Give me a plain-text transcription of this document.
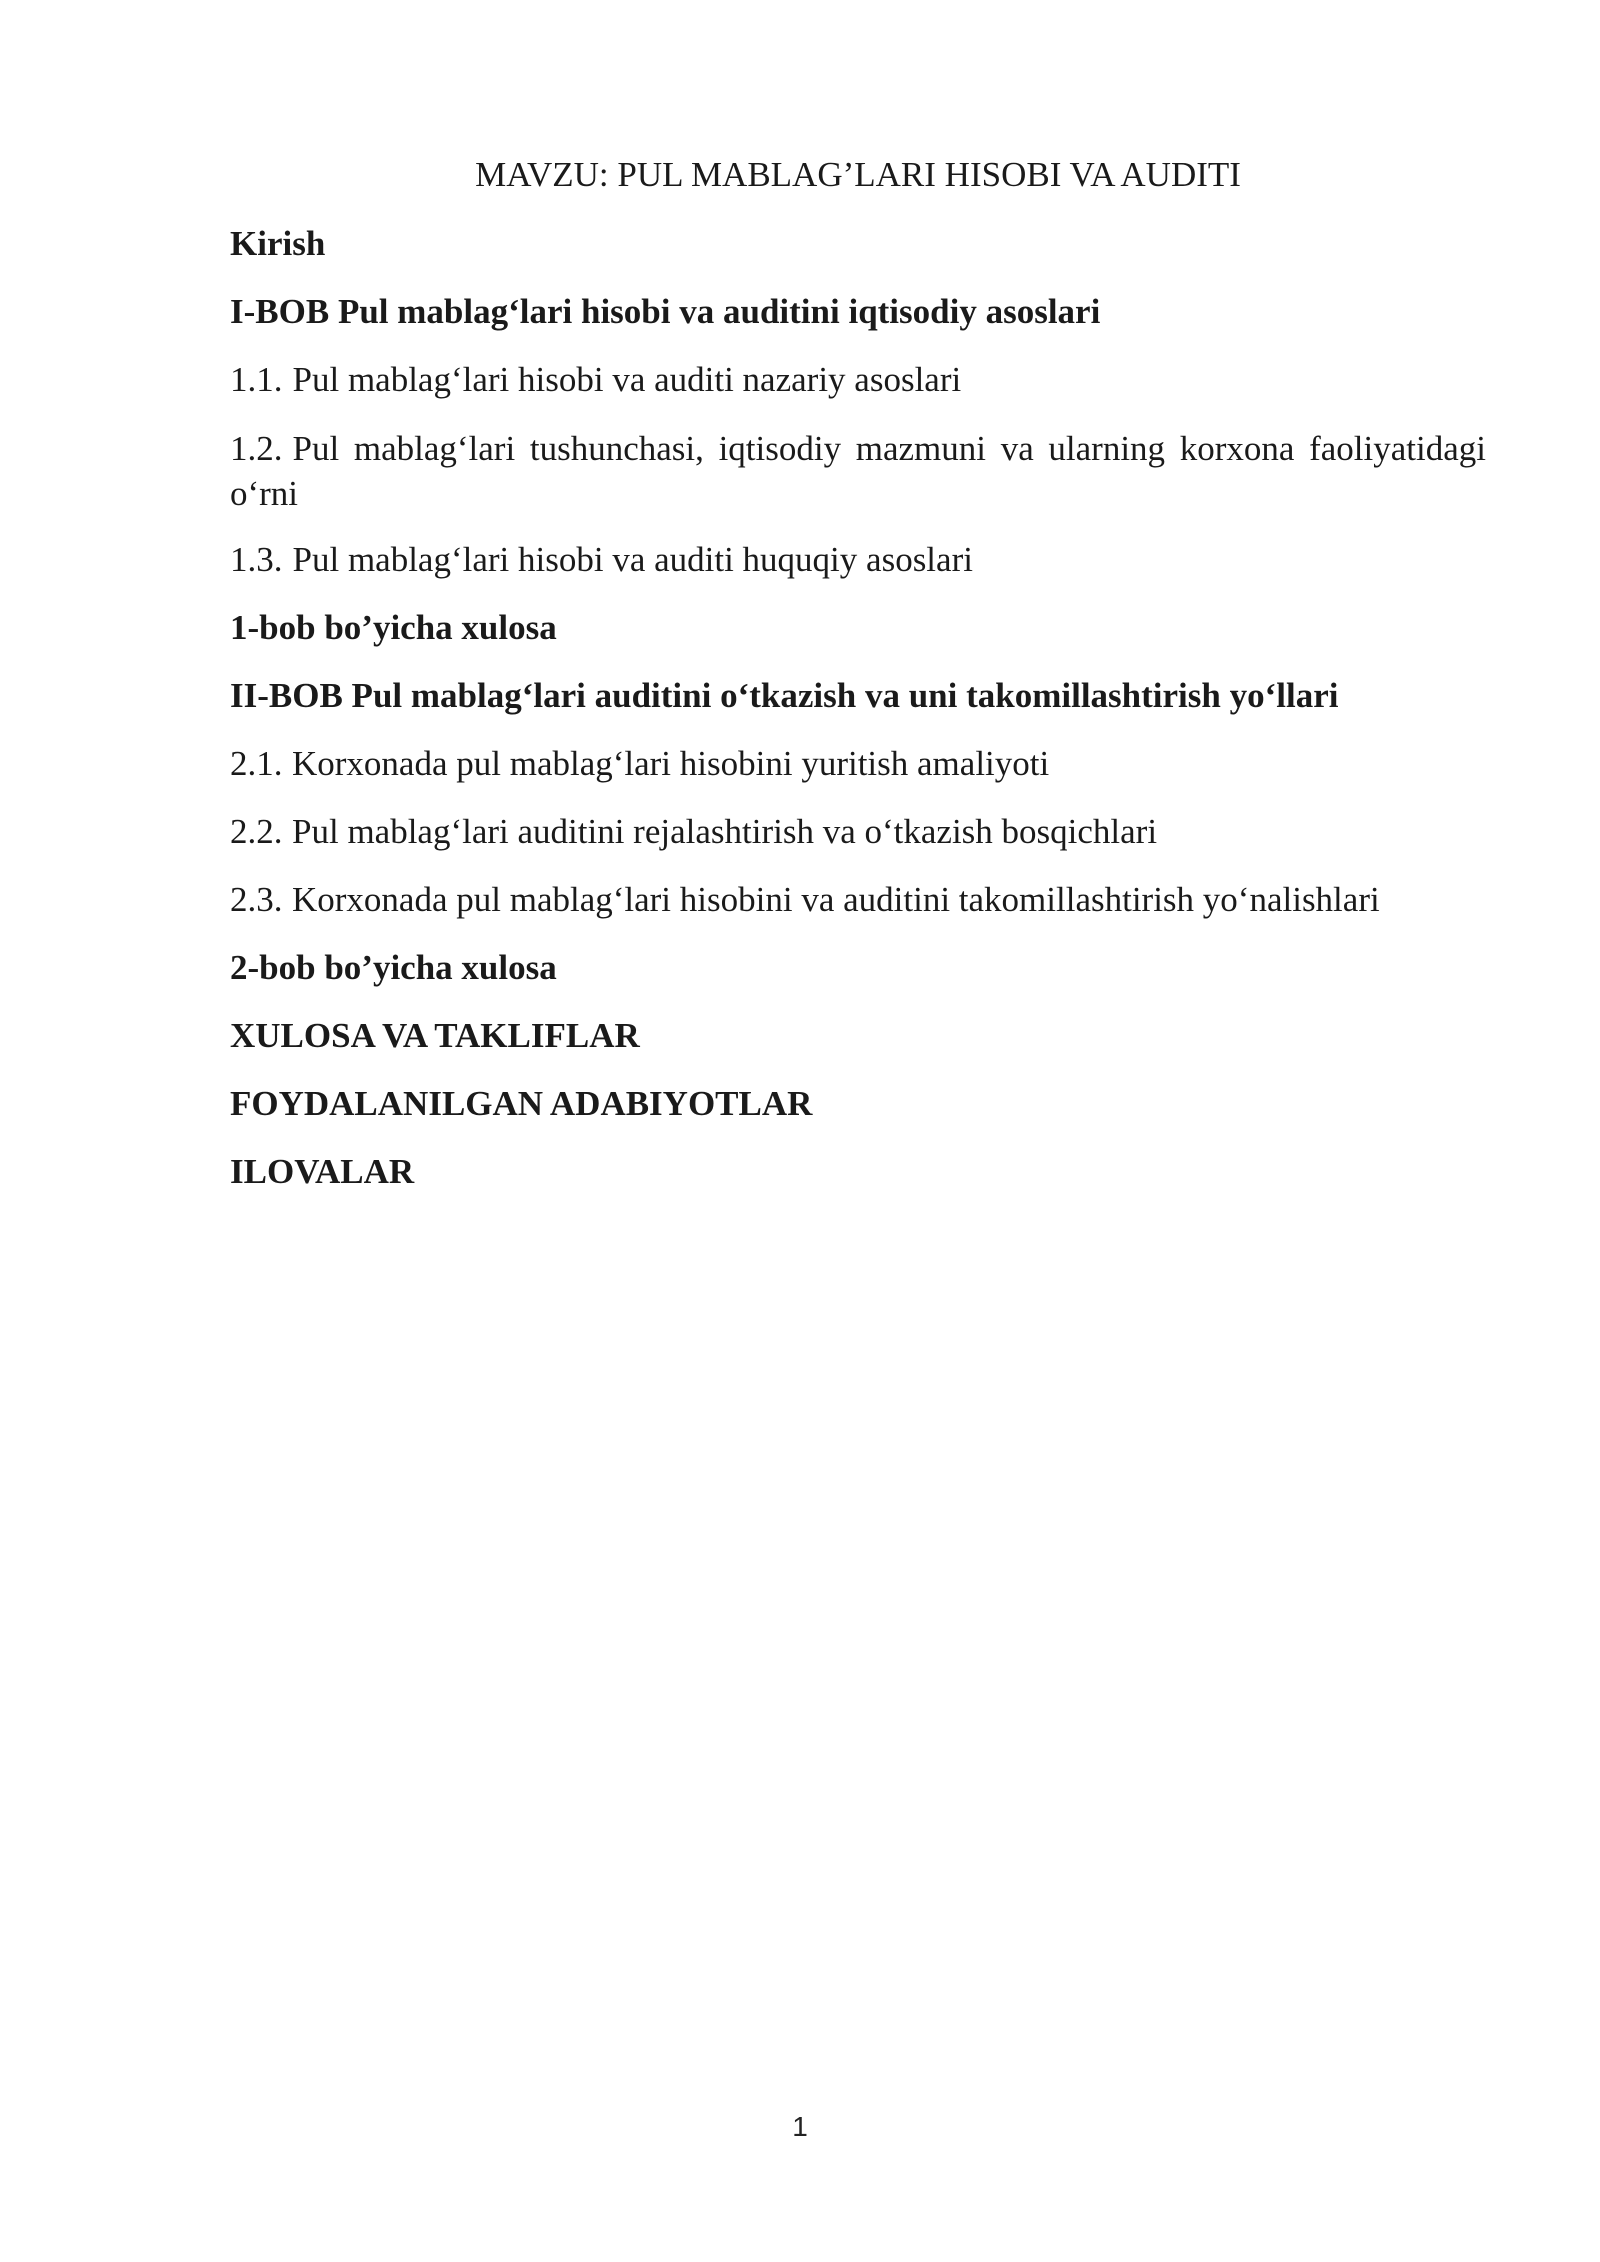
MAVZU: PUL MABLAG’LARI HISOBI VA AUDITI

Kirish

I-BOB Pul mablag‘lari hisobi va auditini iqtisodiy asoslari

1.1. Pul mablag‘lari hisobi va auditi nazariy asoslari

1.2. Pul mablag‘lari tushunchasi, iqtisodiy mazmuni va ularning korxona faoliyatidagi o‘rni

1.3. Pul mablag‘lari hisobi va auditi huquqiy asoslari

1-bob bo’yicha xulosa

II-BOB Pul mablag‘lari auditini o‘tkazish va uni takomillashtirish yo‘llari

2.1. Korxonada pul mablag‘lari hisobini yuritish amaliyoti

2.2. Pul mablag‘lari auditini rejalashtirish va o‘tkazish bosqichlari

2.3. Korxonada pul mablag‘lari hisobini va auditini takomillashtirish yo‘nalishlari

2-bob bo’yicha xulosa

XULOSA VA TAKLIFLAR

FOYDALANILGAN ADABIYOTLAR

ILOVALAR

1
